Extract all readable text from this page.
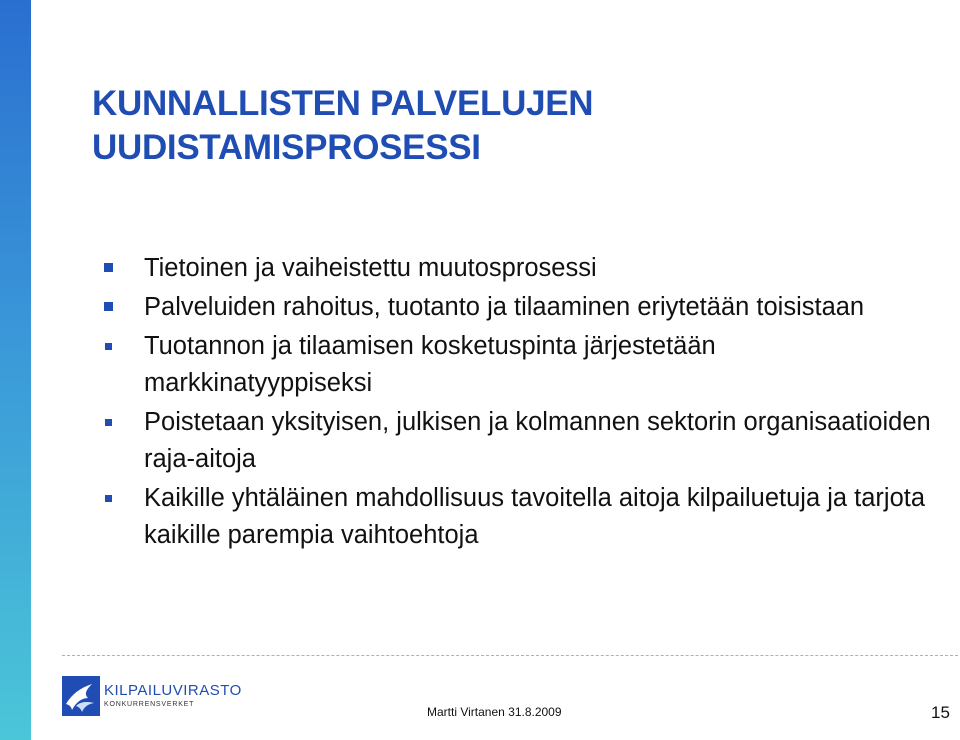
KUNNALLISTEN PALVELUJEN
UUDISTAMISPROSESSI
Tietoinen ja vaiheistettu muutosprosessi
Palveluiden rahoitus, tuotanto ja tilaaminen eriytetään toisistaan
Tuotannon ja tilaamisen kosketuspinta järjestetään markkinatyyppiseksi
Poistetaan yksityisen, julkisen ja kolmannen sektorin organisaatioiden raja-aitoja
Kaikille yhtäläinen mahdollisuus tavoitella aitoja kilpailuetuja ja tarjota kaikille parempia vaihtoehtoja
KILPAILUVIRASTO
KONKURRENSVERKET
Martti Virtanen 31.8.2009	15
